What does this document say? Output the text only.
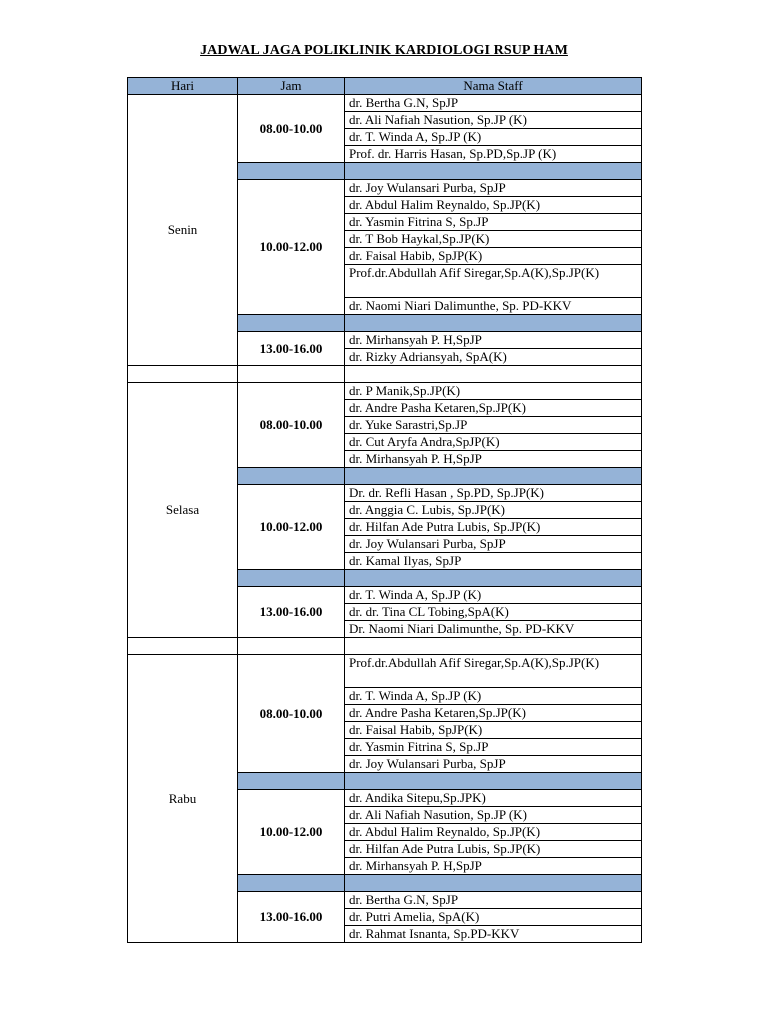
JADWAL JAGA POLIKLINIK KARDIOLOGI RSUP HAM
Hari	Jam	Nama Staff
Senin	08.00-10.00	dr. Bertha G.N, SpJP
		dr. Ali Nafiah Nasution, Sp.JP (K)
		dr. T. Winda A, Sp.JP (K)
		Prof. dr. Harris Hasan, Sp.PD,Sp.JP (K)

	10.00-12.00	dr. Joy Wulansari Purba, SpJP
		dr. Abdul Halim Reynaldo, Sp.JP(K)
		dr. Yasmin Fitrina S, Sp.JP
		dr. T Bob Haykal,Sp.JP(K)
		dr. Faisal Habib, SpJP(K)
		Prof.dr.Abdullah Afif Siregar,Sp.A(K),Sp.JP(K)
		dr. Naomi Niari Dalimunthe, Sp. PD-KKV

	13.00-16.00	dr. Mirhansyah P. H,SpJP
		dr. Rizky Adriansyah, SpA(K)

Selasa	08.00-10.00	dr. P Manik,Sp.JP(K)
		dr. Andre Pasha Ketaren,Sp.JP(K)
		dr. Yuke Sarastri,Sp.JP
		dr. Cut Aryfa Andra,SpJP(K)
		dr. Mirhansyah P. H,SpJP

	10.00-12.00	Dr. dr. Refli Hasan , Sp.PD, Sp.JP(K)
		dr. Anggia C. Lubis, Sp.JP(K)
		dr. Hilfan Ade Putra Lubis, Sp.JP(K)
		dr. Joy Wulansari Purba, SpJP
		dr. Kamal Ilyas, SpJP

	13.00-16.00	dr. T. Winda A, Sp.JP (K)
		dr. dr. Tina CL Tobing,SpA(K)
		Dr. Naomi Niari Dalimunthe, Sp. PD-KKV

Rabu	08.00-10.00	Prof.dr.Abdullah Afif Siregar,Sp.A(K),Sp.JP(K)
		dr. T. Winda A, Sp.JP (K)
		dr. Andre Pasha Ketaren,Sp.JP(K)
		dr. Faisal Habib, SpJP(K)
		dr. Yasmin Fitrina S, Sp.JP
		dr. Joy Wulansari Purba, SpJP

	10.00-12.00	dr. Andika Sitepu,Sp.JPK)
		dr. Ali Nafiah Nasution, Sp.JP (K)
		dr. Abdul Halim Reynaldo, Sp.JP(K)
		dr. Hilfan Ade Putra Lubis, Sp.JP(K)
		dr. Mirhansyah P. H,SpJP

	13.00-16.00	dr. Bertha G.N, SpJP
		dr. Putri Amelia, SpA(K)
		dr. Rahmat Isnanta, Sp.PD-KKV
